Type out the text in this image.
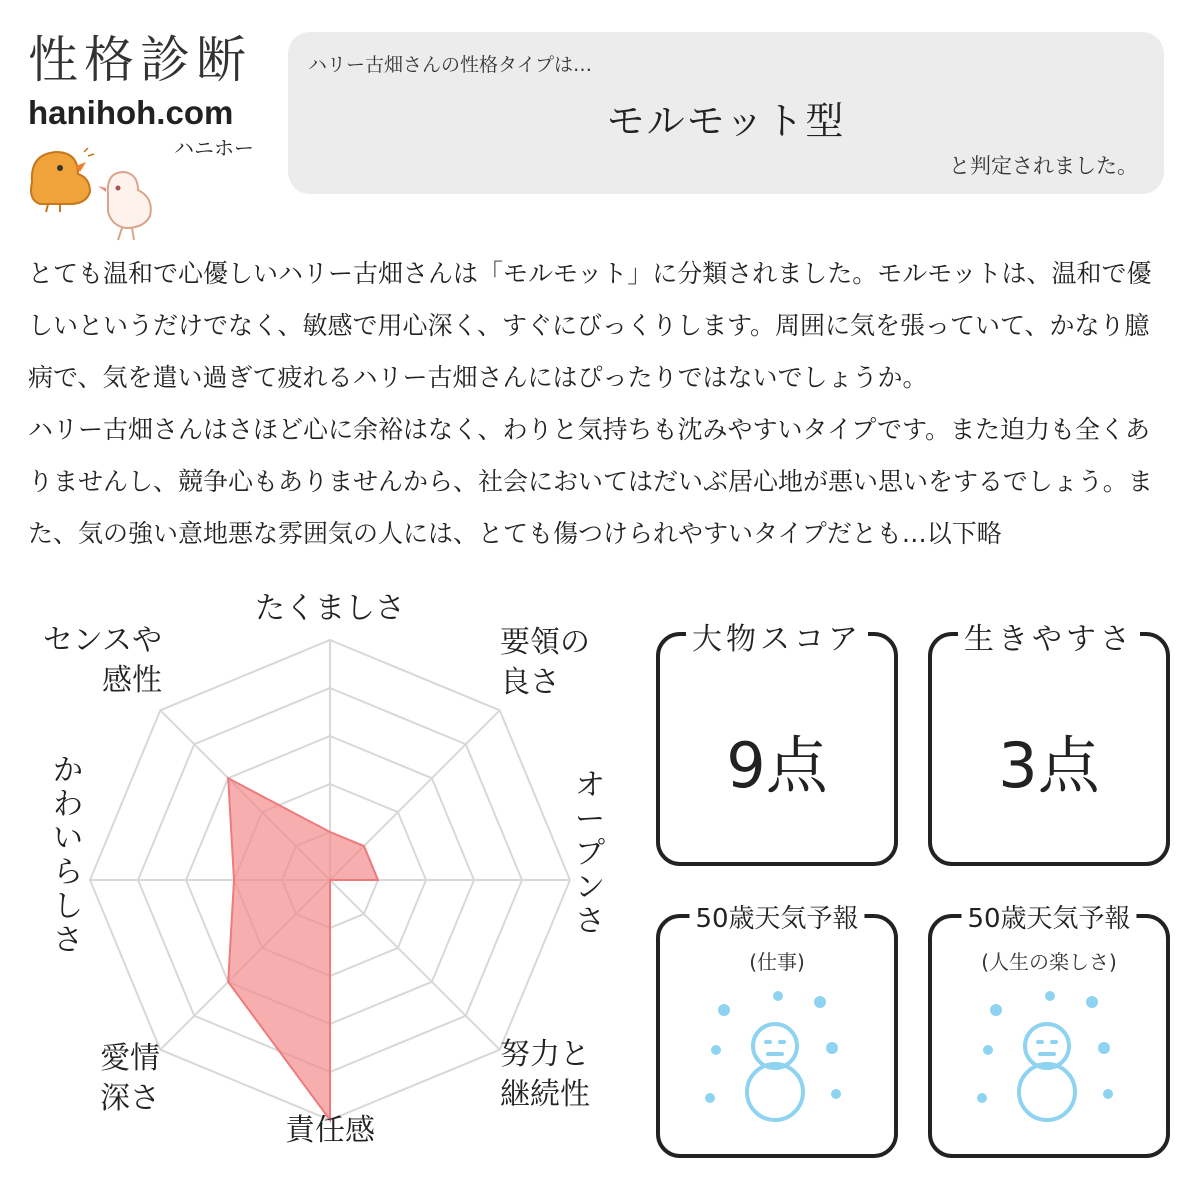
性格診断
hanihoh.com
ハニホー
ハリー古畑さんの性格タイプは…
モルモット型
と判定されました。

とても温和で心優しいハリー古畑さんは「モルモット」に分類されました。モルモットは、温和で優しいというだけでなく、敏感で用心深く、すぐにびっくりします。周囲に気を張っていて、かなり臆病で、気を遣い過ぎて疲れるハリー古畑さんにはぴったりではないでしょうか。

ハリー古畑さんはさほど心に余裕はなく、わりと気持ちも沈みやすいタイプです。また迫力も全くありませんし、競争心もありませんから、社会においてはだいぶ居心地が悪い思いをするでしょう。また、気の強い意地悪な雰囲気の人には、とても傷つけられやすいタイプだとも…以下略

たくましさ
要領の良さ
オープンさ
努力と継続性
責任感
愛情深さ
かわいらしさ
センスや感性
大物スコア
9点
生きやすさ
3点
50歳天気予報
(仕事)
50歳天気予報
(人生の楽しさ)
